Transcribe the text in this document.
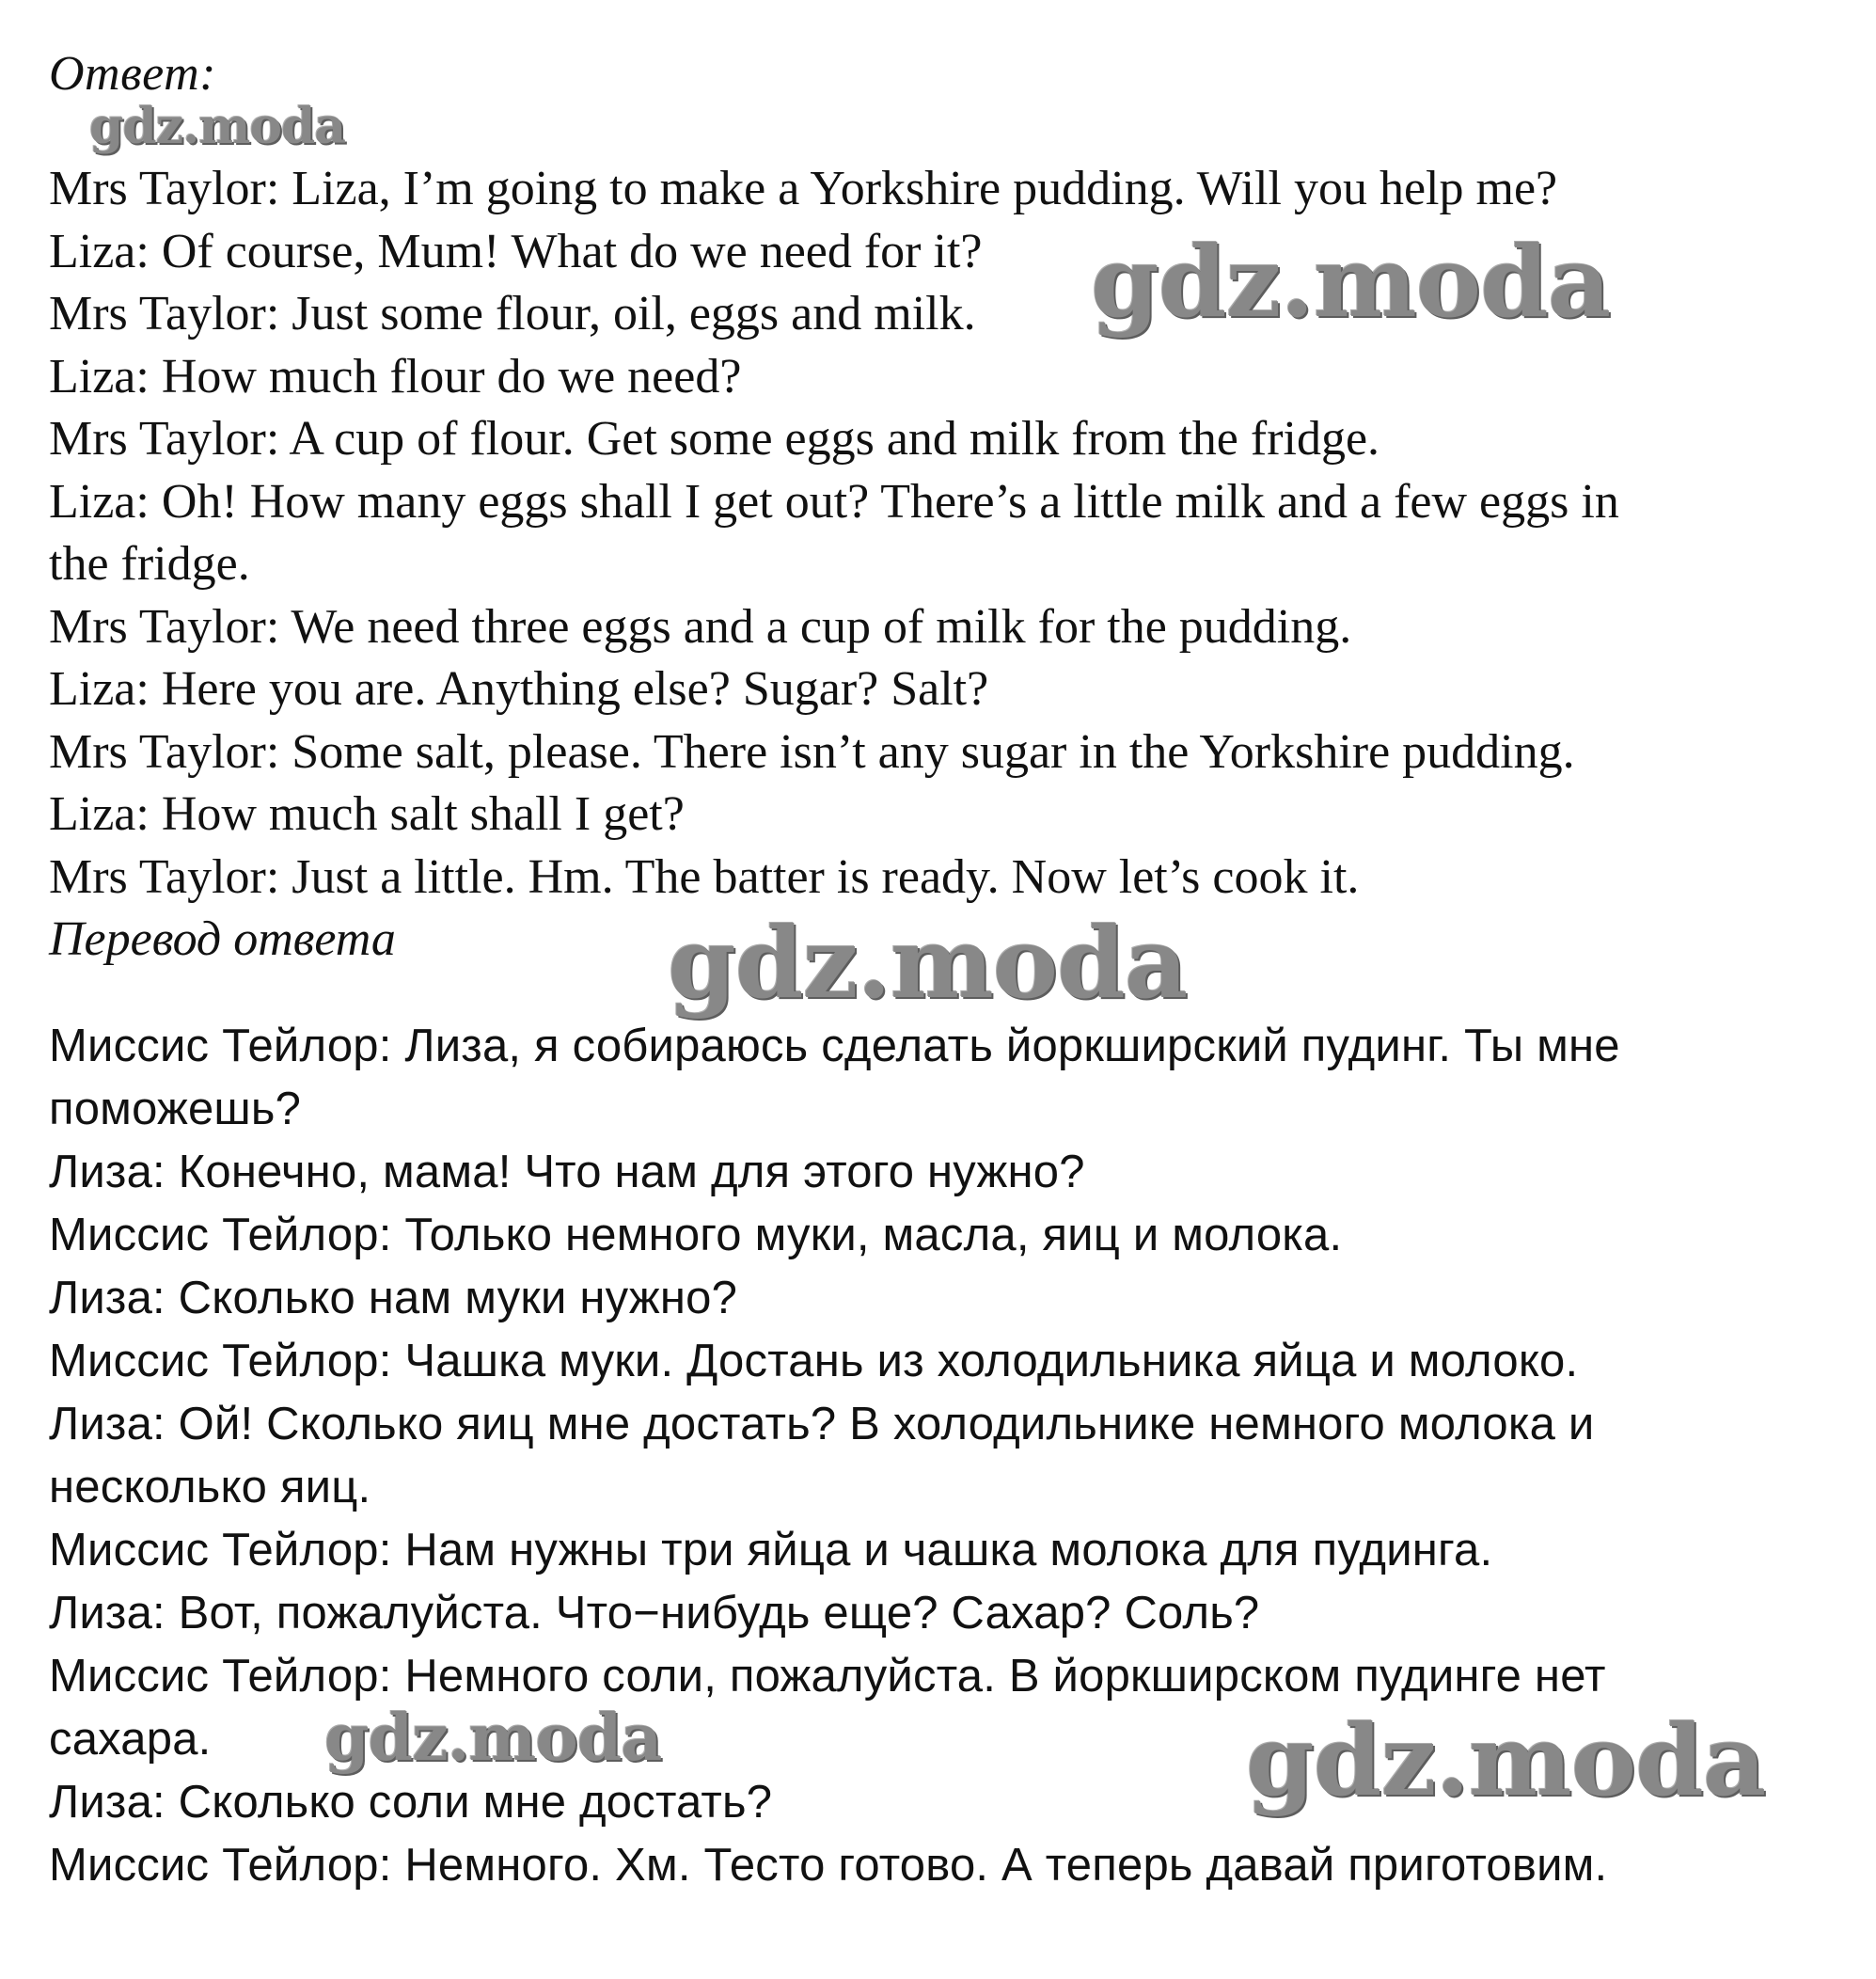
Ответ:

Mrs Taylor: Liza, I’m going to make a Yorkshire pudding. Will you help me?

Liza: Of course, Mum! What do we need for it?

Mrs Taylor: Just some flour, oil, eggs and milk.

Liza: How much flour do we need?

Mrs Taylor: A cup of flour. Get some eggs and milk from the fridge.

Liza: Oh! How many eggs shall I get out? There’s a little milk and a few eggs in

the fridge.

Mrs Taylor: We need three eggs and a cup of milk for the pudding.

Liza: Here you are. Anything else? Sugar? Salt?

Mrs Taylor: Some salt, please. There isn’t any sugar in the Yorkshire pudding.

Liza: How much salt shall I get?

Mrs Taylor: Just a little. Hm. The batter is ready. Now let’s cook it.

Перевод ответа

Миссис Тейлор: Лиза, я собираюсь сделать йоркширский пудинг. Ты мне

поможешь?

Лиза: Конечно, мама! Что нам для этого нужно?

Миссис Тейлор: Только немного муки, масла, яиц и молока.

Лиза: Сколько нам муки нужно?

Миссис Тейлор: Чашка муки. Достань из холодильника яйца и молоко.

Лиза: Ой! Сколько яиц мне достать? В холодильнике немного молока и

несколько яиц.

Миссис Тейлор: Нам нужны три яйца и чашка молока для пудинга.

Лиза: Вот, пожалуйста. Что−нибудь еще? Сахар? Соль?

Миссис Тейлор: Немного соли, пожалуйста. В йоркширском пудинге нет

сахара.

Лиза: Сколько соли мне достать?

Миссис Тейлор: Немного. Хм. Тесто готово. А теперь давай приготовим.

gdz.moda
gdz.moda
gdz.moda
gdz.moda	gdz.moda
